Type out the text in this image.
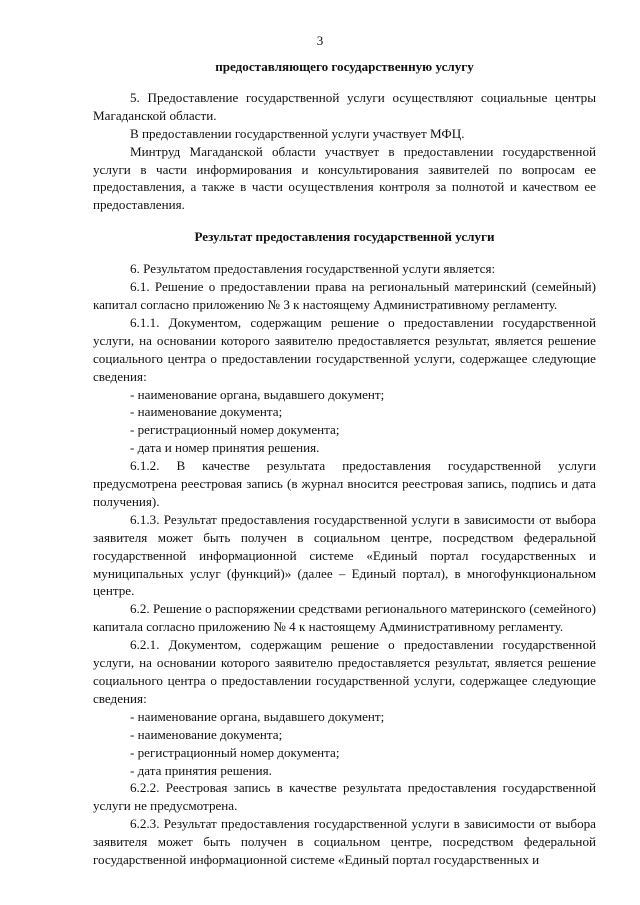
3
предоставляющего государственную услугу

5. Предоставление государственной услуги осуществляют социальные центры Магаданской области.

В предоставлении государственной услуги участвует МФЦ.

Минтруд Магаданской области участвует в предоставлении государственной услуги в части информирования и консультирования заявителей по вопросам ее предоставления, а также в части осуществления контроля за полнотой и качеством ее предоставления.

Результат предоставления государственной услуги

6. Результатом предоставления государственной услуги является:

6.1. Решение о предоставлении права на региональный материнский (семейный) капитал согласно приложению № 3 к настоящему Административному регламенту.

6.1.1. Документом, содержащим решение о предоставлении государственной услуги, на основании которого заявителю предоставляется результат, является решение социального центра о предоставлении государственной услуги, содержащее следующие сведения:

- наименование органа, выдавшего документ;

- наименование документа;

- регистрационный номер документа;

- дата и номер принятия решения.

6.1.2. В качестве результата предоставления государственной услуги предусмотрена реестровая запись (в журнал вносится реестровая запись, подпись и дата получения).

6.1.3. Результат предоставления государственной услуги в зависимости от выбора заявителя может быть получен в социальном центре, посредством федеральной государственной информационной системе «Единый портал государственных и муниципальных услуг (функций)» (далее – Единый портал), в многофункциональном центре.

6.2. Решение о распоряжении средствами регионального материнского (семейного) капитала согласно приложению № 4 к настоящему Административному регламенту.

6.2.1. Документом, содержащим решение о предоставлении государственной услуги, на основании которого заявителю предоставляется результат, является решение социального центра о предоставлении государственной услуги, содержащее следующие сведения:

- наименование органа, выдавшего документ;

- наименование документа;

- регистрационный номер документа;

- дата принятия решения.

6.2.2. Реестровая запись в качестве результата предоставления государственной услуги не предусмотрена.

6.2.3. Результат предоставления государственной услуги в зависимости от выбора заявителя может быть получен в социальном центре, посредством федеральной государственной информационной системе «Единый портал государственных и
